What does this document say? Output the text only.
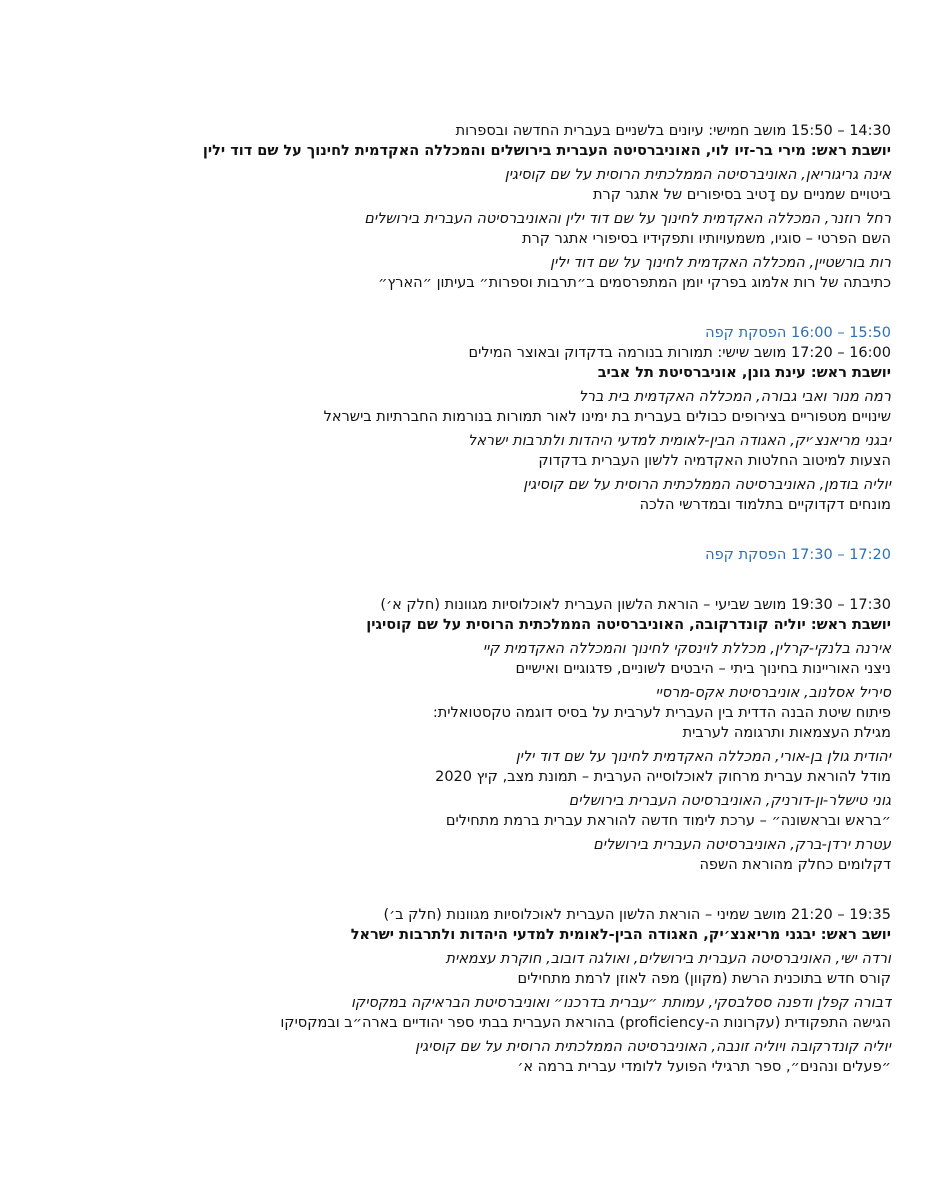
14:30 – 15:50 מושב חמישי: עיונים בלשניים בעברית החדשה ובספרות
יושבת ראש: מירי בר-זיו לוי, האוניברסיטה העברית בירושלים והמכללה האקדמית לחינוך על שם דוד ילין
אינה גריגוריאן, האוניברסיטה הממלכתית הרוסית על שם קוסיגין
ביטויים שמניים עם דָטיב בסיפורים של אתגר קרת
רחל רוזנר, המכללה האקדמית לחינוך על שם דוד ילין והאוניברסיטה העברית בירושלים
השם הפרטי – סוגיו, משמעויותיו ותפקידיו בסיפורי אתגר קרת
רות בורשטיין, המכללה האקדמית לחינוך על שם דוד ילין
כתיבתה של רות אלמוג בפרקי יומן המתפרסמים ב״תרבות וספרות״ בעיתון ״הארץ״
15:50 – 16:00 הפסקת קפה
16:00 – 17:20 מושב שישי: תמורות בנורמה בדקדוק ובאוצר המילים
יושבת ראש: עינת גונן, אוניברסיטת תל אביב
רמה מנור ואבי גבורה, המכללה האקדמית בית ברל
שינויים מטפוריים בצירופים כבולים בעברית בת ימינו לאור תמורות בנורמות החברתיות בישראל
יבגני מריאנצ׳יק, האגודה הבין-לאומית למדעי היהדות ולתרבות ישראל
הצעות למיטוב החלטות האקדמיה ללשון העברית בדקדוק
יוליה בודמן, האוניברסיטה הממלכתית הרוסית על שם קוסיגין
מונחים דקדוקיים בתלמוד ובמדרשי הלכה
17:20 – 17:30 הפסקת קפה
17:30 – 19:30 מושב שביעי – הוראת הלשון העברית לאוכלוסיות מגוונות (חלק א׳)
יושבת ראש: יוליה קונדרקובה, האוניברסיטה הממלכתית הרוסית על שם קוסיגין
אירנה בלנקי-קרלין, מכללת לוינסקי לחינוך והמכללה האקדמית קיי
ניצני האוריינות בחינוך ביתי – היבטים לשוניים, פדגוגיים ואישיים
סיריל אסלנוב, אוניברסיטת אקס-מרסיי
פיתוח שיטת הבנה הדדית בין העברית לערבית על בסיס דוגמה טקסטואלית:
מגילת העצמאות ותרגומה לערבית
יהודית גולן בן-אורי, המכללה האקדמית לחינוך על שם דוד ילין
מודל להוראת עברית מרחוק לאוכלוסייה הערבית – תמונת מצב, קיץ 2020
גוני טישלר-ון-דורניק, האוניברסיטה העברית בירושלים
״בראש ובראשונה״ – ערכת לימוד חדשה להוראת עברית ברמת מתחילים
עטרת ירדן-ברק, האוניברסיטה העברית בירושלים
דקלומים כחלק מהוראת השפה
19:35 – 21:20 מושב שמיני – הוראת הלשון העברית לאוכלוסיות מגוונות (חלק ב׳)
יושב ראש: יבגני מריאנצ׳יק, האגודה הבין-לאומית למדעי היהדות ולתרבות ישראל
ורדה ישי, האוניברסיטה העברית בירושלים, ואולגה דובוב, חוקרת עצמאית
קורס חדש בתוכנית הרשת (מקוון) מפה לאוזן לרמת מתחילים
דבורה קפלן ודפנה ססלבסקי, עמותת ״עברית בדרכנו״ ואוניברסיטת הבראיקה במקסיקו
הגישה התפקודית (עקרונות ה-proficiency) בהוראת העברית בבתי ספר יהודיים בארה״ב ובמקסיקו
יוליה קונדרקובה ויוליה זונבה, האוניברסיטה הממלכתית הרוסית על שם קוסיגין
״פעלים ונהנים״, ספר תרגילי הפועל ללומדי עברית ברמה א׳
